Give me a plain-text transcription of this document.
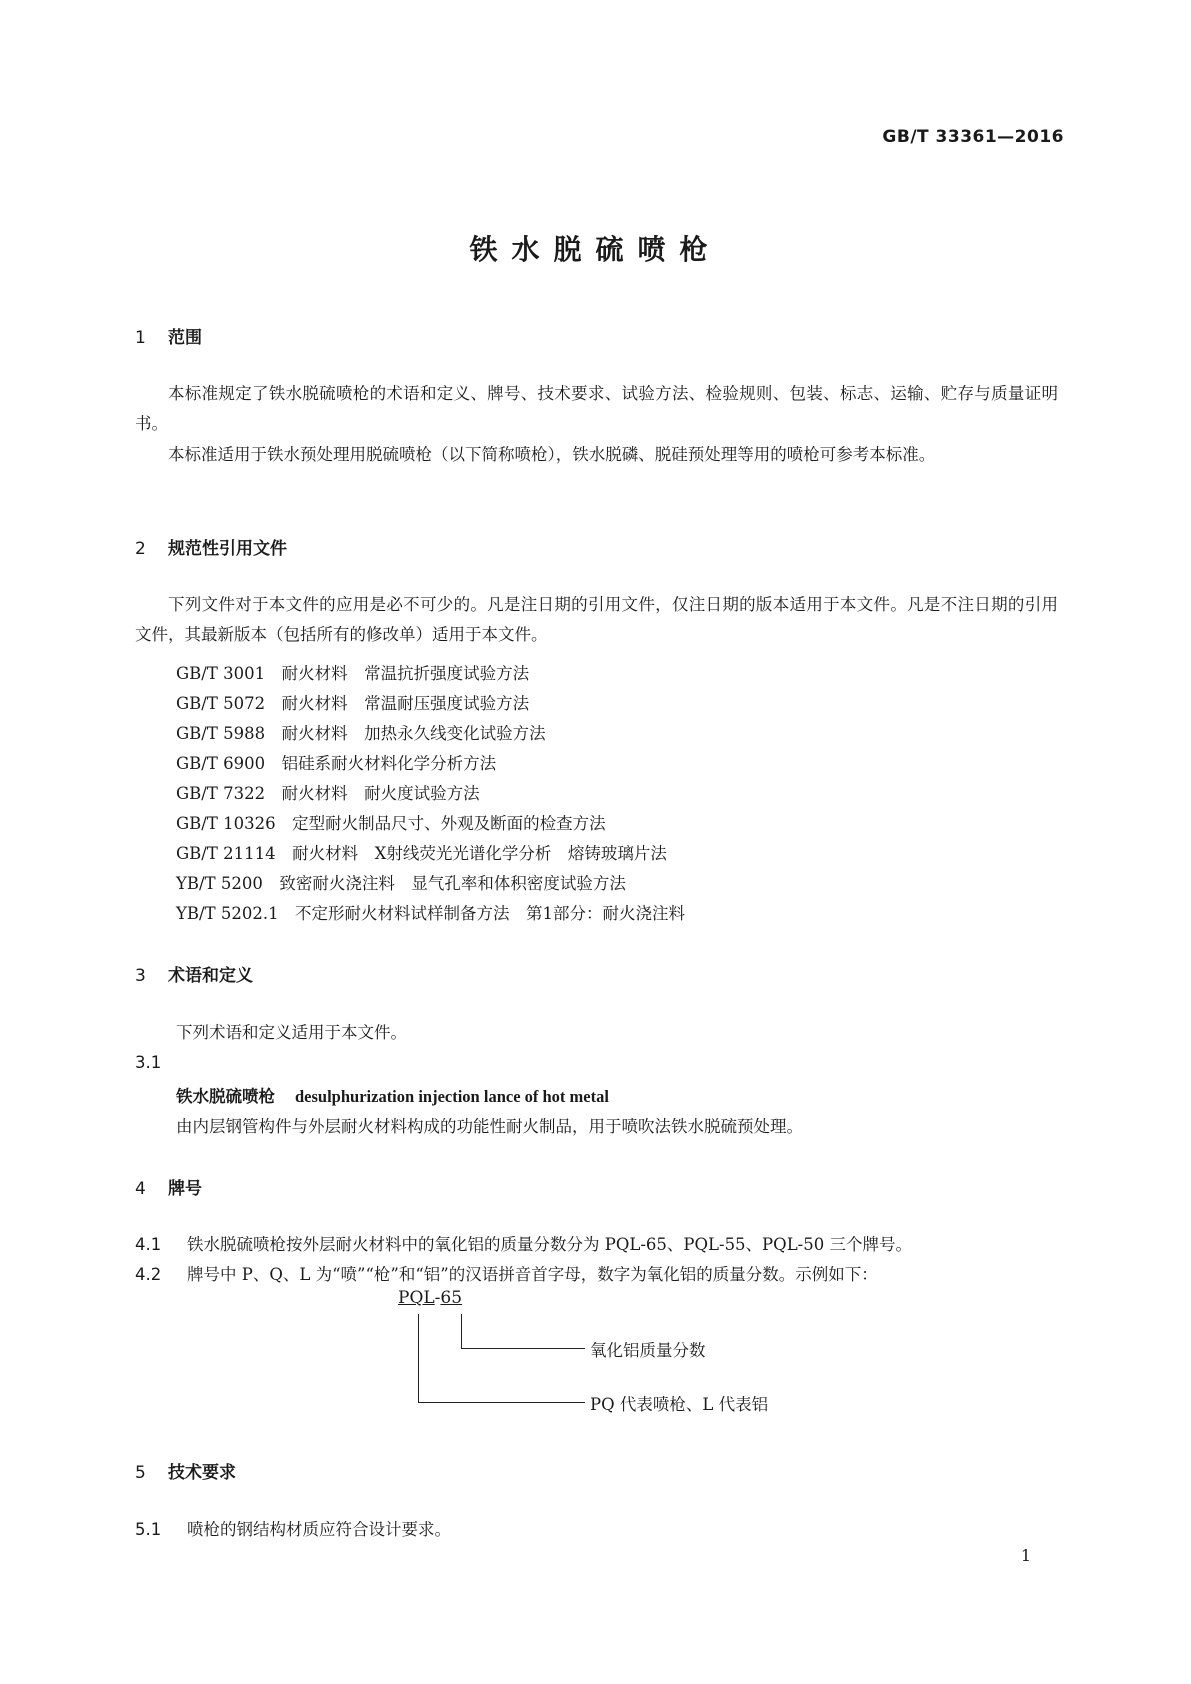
GB/T 33361—2016
铁水脱硫喷枪
1 范围
本标准规定了铁水脱硫喷枪的术语和定义、牌号、技术要求、试验方法、检验规则、包装、标志、运输、贮存与质量证明书。
本标准适用于铁水预处理用脱硫喷枪（以下简称喷枪），铁水脱磷、脱硅预处理等用的喷枪可参考本标准。
2 规范性引用文件
下列文件对于本文件的应用是必不可少的。凡是注日期的引用文件，仅注日期的版本适用于本文件。凡是不注日期的引用文件，其最新版本（包括所有的修改单）适用于本文件。
GB/T 3001　耐火材料　常温抗折强度试验方法
GB/T 5072　耐火材料　常温耐压强度试验方法
GB/T 5988　耐火材料　加热永久线变化试验方法
GB/T 6900　铝硅系耐火材料化学分析方法
GB/T 7322　耐火材料　耐火度试验方法
GB/T 10326　定型耐火制品尺寸、外观及断面的检查方法
GB/T 21114　耐火材料　X射线荧光光谱化学分析　熔铸玻璃片法
YB/T 5200　致密耐火浇注料　显气孔率和体积密度试验方法
YB/T 5202.1　不定形耐火材料试样制备方法　第1部分：耐火浇注料
3 术语和定义
下列术语和定义适用于本文件。
3.1
铁水脱硫喷枪 desulphurization injection lance of hot metal
由内层钢管构件与外层耐火材料构成的功能性耐火制品，用于喷吹法铁水脱硫预处理。
4 牌号
4.1 铁水脱硫喷枪按外层耐火材料中的氧化铝的质量分数分为 PQL-65、PQL-55、PQL-50 三个牌号。
4.2 牌号中 P、Q、L 为“喷”“枪”和“铝”的汉语拼音首字母，数字为氧化铝的质量分数。示例如下：
PQL-65
氧化铝质量分数
PQ 代表喷枪、L 代表铝
5 技术要求
5.1 喷枪的钢结构材质应符合设计要求。
1
